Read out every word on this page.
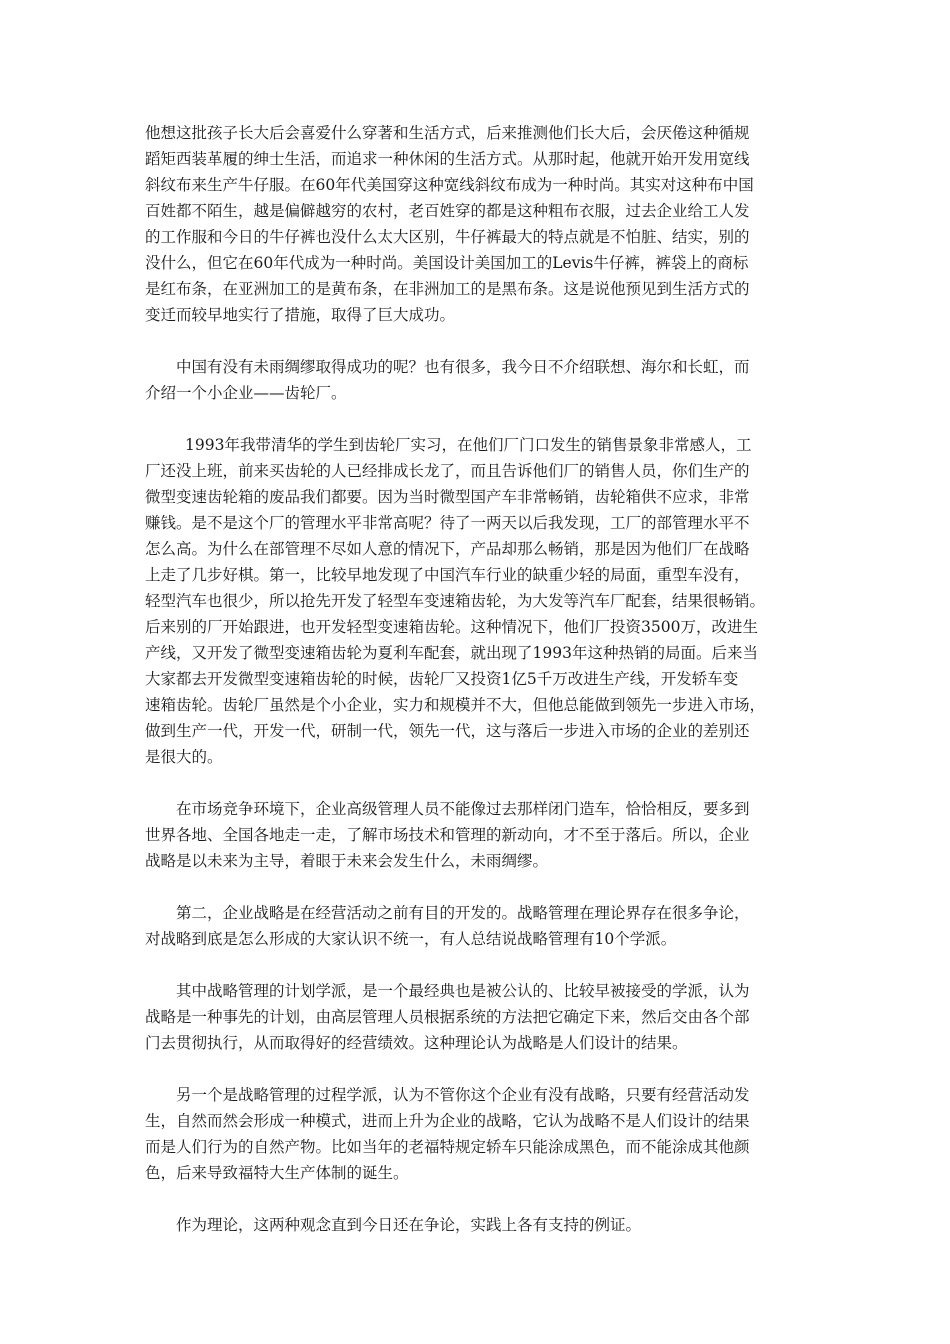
他想这批孩子长大后会喜爱什么穿著和生活方式，后来推测他们长大后，会厌倦这种循规
蹈矩西装革履的绅士生活，而追求一种休闲的生活方式。从那时起，他就开始开发用宽线
斜纹布来生产牛仔服。在60年代美国穿这种宽线斜纹布成为一种时尚。其实对这种布中国
百姓都不陌生，越是偏僻越穷的农村，老百姓穿的都是这种粗布衣服，过去企业给工人发
的工作服和今日的牛仔裤也没什么太大区别，牛仔裤最大的特点就是不怕脏、结实，别的
没什么，但它在60年代成为一种时尚。美国设计美国加工的Levis牛仔裤，裤袋上的商标
是红布条，在亚洲加工的是黄布条，在非洲加工的是黑布条。这是说他预见到生活方式的
变迁而较早地实行了措施，取得了巨大成功。

中国有没有未雨绸缪取得成功的呢？也有很多，我今日不介绍联想、海尔和长虹，而
介绍一个小企业——齿轮厂。

1993年我带清华的学生到齿轮厂实习，在他们厂门口发生的销售景象非常感人，工
厂还没上班，前来买齿轮的人已经排成长龙了，而且告诉他们厂的销售人员，你们生产的
微型变速齿轮箱的废品我们都要。因为当时微型国产车非常畅销，齿轮箱供不应求，非常
赚钱。是不是这个厂的管理水平非常高呢？待了一两天以后我发现，工厂的部管理水平不
怎么高。为什么在部管理不尽如人意的情况下，产品却那么畅销，那是因为他们厂在战略
上走了几步好棋。第一，比较早地发现了中国汽车行业的缺重少轻的局面，重型车没有，
轻型汽车也很少，所以抢先开发了轻型车变速箱齿轮，为大发等汽车厂配套，结果很畅销。
后来别的厂开始跟进，也开发轻型变速箱齿轮。这种情况下，他们厂投资3500万，改进生
产线，又开发了微型变速箱齿轮为夏利车配套，就出现了1993年这种热销的局面。后来当
大家都去开发微型变速箱齿轮的时候，齿轮厂又投资1亿5千万改进生产线，开发轿车变
速箱齿轮。齿轮厂虽然是个小企业，实力和规模并不大，但他总能做到领先一步进入市场，
做到生产一代，开发一代，研制一代，领先一代，这与落后一步进入市场的企业的差别还
是很大的。

在市场竞争环境下，企业高级管理人员不能像过去那样闭门造车，恰恰相反，要多到
世界各地、全国各地走一走，了解市场技术和管理的新动向，才不至于落后。所以，企业
战略是以未来为主导，着眼于未来会发生什么，未雨绸缪。

第二，企业战略是在经营活动之前有目的开发的。战略管理在理论界存在很多争论，
对战略到底是怎么形成的大家认识不统一，有人总结说战略管理有10个学派。

其中战略管理的计划学派，是一个最经典也是被公认的、比较早被接受的学派，认为
战略是一种事先的计划，由高层管理人员根据系统的方法把它确定下来，然后交由各个部
门去贯彻执行，从而取得好的经营绩效。这种理论认为战略是人们设计的结果。

另一个是战略管理的过程学派，认为不管你这个企业有没有战略，只要有经营活动发
生，自然而然会形成一种模式，进而上升为企业的战略，它认为战略不是人们设计的结果
而是人们行为的自然产物。比如当年的老福特规定轿车只能涂成黑色，而不能涂成其他颜
色，后来导致福特大生产体制的诞生。

作为理论，这两种观念直到今日还在争论，实践上各有支持的例证。
